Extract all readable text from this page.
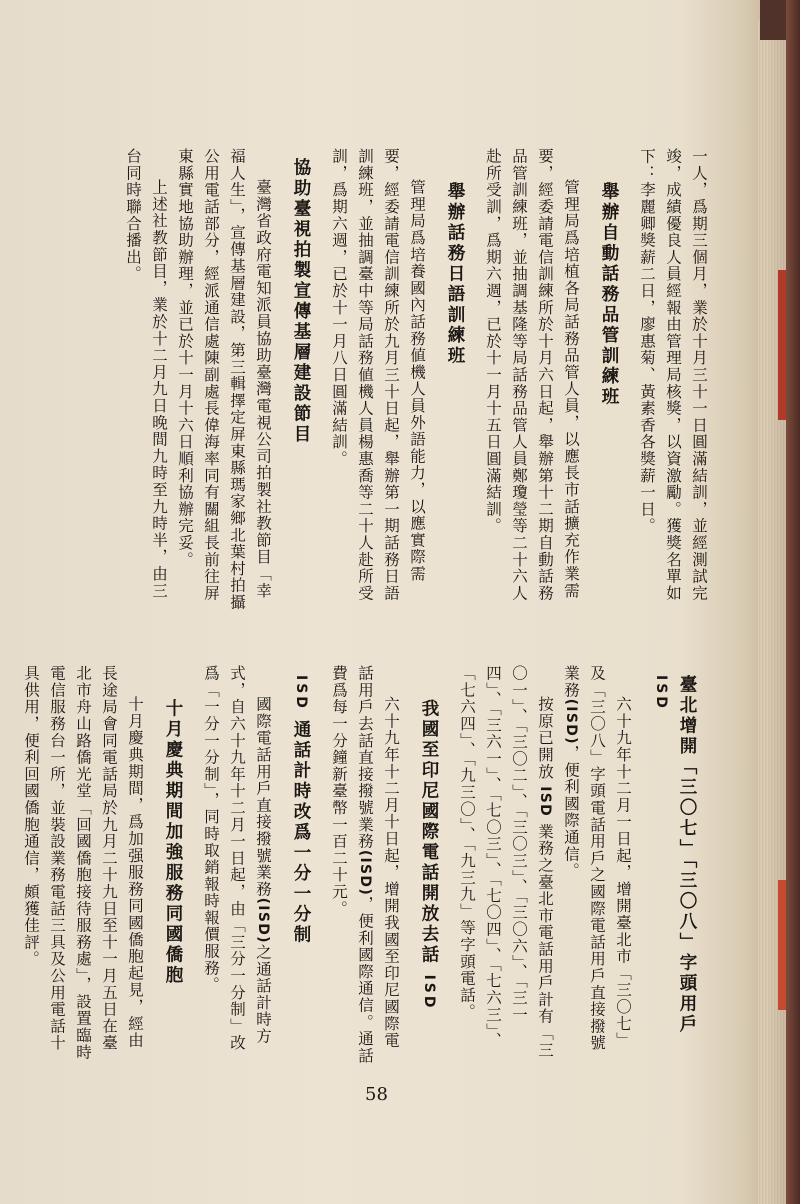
一人，爲期三個月，業於十月三十一日圓滿結訓，並經測試完竣，成績優良人員經報由管理局核獎，以資激勵。獲獎名單如下：李麗卿獎薪二日，廖惠菊、黃素香各獎薪一日。

舉辦自動話務品管訓練班

管理局爲培植各局話務品管人員，以應長市話擴充作業需要，經委請電信訓練所於十月六日起，舉辦第十二期自動話務品管訓練班，並抽調基隆等局話務品管人員鄭瓊瑩等二十六人赴所受訓，爲期六週，已於十一月十五日圓滿結訓。

舉辦話務日語訓練班

管理局爲培養國內話務値機人員外語能力，以應實際需要，經委請電信訓練所於九月三十日起，舉辦第一期話務日語訓練班，並抽調臺中等局話務値機人員楊惠喬等二十人赴所受訓，爲期六週，已於十一月八日圓滿結訓。

協助臺視拍製宣傳基層建設節目

臺灣省政府電知派員協助臺灣電視公司拍製社教節目「幸福人生」，宣傳基層建設，第三輯擇定屏東縣瑪家鄉北葉村拍攝公用電話部分，經派通信處陳副處長偉海率同有關組長前往屏東縣實地協助辦理，並已於十一月十六日順利協辦完妥。

上述社教節目，業於十二月九日晚間九時至九時半，由三台同時聯合播出。

臺北增開「三〇七」「三〇八」字頭用戶 ISD

六十九年十二月一日起，增開臺北市「三〇七」及「三〇八」字頭電話用戶之國際電話用戶直接撥號業務(ISD)，便利國際通信。

按原已開放 ISD 業務之臺北市電話用戶計有「三〇一」、「三〇二」、「三〇三」、「三〇六」、「三一四」、「三六一」、「七〇三」、「七〇四」、「七六三」、「七六四」、「九三〇」、「九三九」等字頭電話。

我國至印尼國際電話開放去話 ISD

六十九年十二月十日起，增開我國至印尼國際電話用戶去話直接撥號業務(ISD)，便利國際通信。通話費爲每一分鐘新臺幣一百二十元。

ISD 通話計時改爲一分一分制

國際電話用戶直接撥號業務(ISD)之通話計時方式，自六十九年十二月一日起，由「三分一分制」改爲「一分一分制」，同時取銷報時報價服務。

十月慶典期間加強服務同國僑胞

十月慶典期間，爲加强服務同國僑胞起見，經由長途局會同電話局於九月二十九日至十一月五日在臺北市舟山路僑光堂「回國僑胞接待服務處」，設置臨時電信服務台一所，並裝設業務電話三具及公用電話十具供用，便利回國僑胞通信，頗獲佳評。

58
